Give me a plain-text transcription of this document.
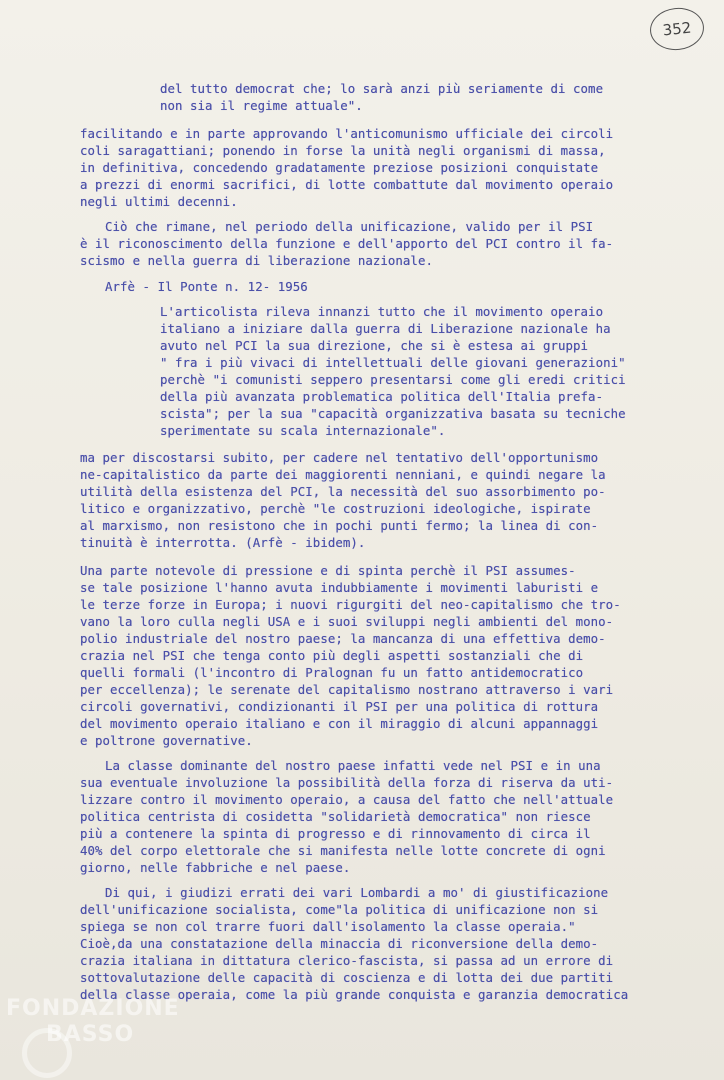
352
del tutto democrat che; lo sarà anzi più seriamente di come
non sia il regime attuale".
facilitando e in parte approvando l'anticomunismo ufficiale dei circoli
coli saragattiani; ponendo in forse la unità negli organismi di massa,
in definitiva, concedendo gradatamente preziose posizioni conquistate
a prezzi di enormi sacrifici, di lotte combattute dal movimento operaio
negli ultimi decenni.
Ciò che rimane, nel periodo della unificazione, valido per il PSI
è il riconoscimento della funzione e dell'apporto del PCI contro il fa-
scismo e nella guerra di liberazione nazionale.
Arfè - Il Ponte n. 12- 1956
L'articolista rileva innanzi tutto che il movimento operaio
italiano a iniziare dalla guerra di Liberazione nazionale ha
avuto nel PCI la sua direzione, che si è estesa ai gruppi
" fra i più vivaci di intellettuali delle giovani generazioni"
perchè "i comunisti seppero presentarsi come gli eredi critici
della più avanzata problematica politica dell'Italia prefa-
scista"; per la sua "capacità organizzativa basata su tecniche
sperimentate su scala internazionale".
ma per discostarsi subito, per cadere nel tentativo dell'opportunismo
ne-capitalistico da parte dei maggiorenti nenniani, e quindi negare la
utilità della esistenza del PCI, la necessità del suo assorbimento po-
litico e organizzativo, perchè "le costruzioni ideologiche, ispirate
al marxismo, non resistono che in pochi punti fermo; la linea di con-
tinuità è interrotta. (Arfè - ibidem).
Una parte notevole di pressione e di spinta perchè il PSI assumes-
se tale posizione l'hanno avuta indubbiamente i movimenti laburisti e
le terze forze in Europa; i nuovi rigurgiti del neo-capitalismo che tro-
vano la loro culla negli USA e i suoi sviluppi negli ambienti del mono-
polio industriale del nostro paese; la mancanza di una effettiva demo-
crazia nel PSI che tenga conto più degli aspetti sostanziali che di
quelli formali (l'incontro di Pralognan fu un fatto antidemocratico
per eccellenza); le serenate del capitalismo nostrano attraverso i vari
circoli governativi, condizionanti il PSI per una politica di rottura
del movimento operaio italiano e con il miraggio di alcuni appannaggi
e poltrone governative.
La classe dominante del nostro paese infatti vede nel PSI e in una
sua eventuale involuzione la possibilità della forza di riserva da uti-
lizzare contro il movimento operaio, a causa del fatto che nell'attuale
politica centrista di cosidetta "solidarietà democratica" non riesce
più a contenere la spinta di progresso e di rinnovamento di circa il
40% del corpo elettorale che si manifesta nelle lotte concrete di ogni
giorno, nelle fabbriche e nel paese.
Di qui, i giudizi errati dei vari Lombardi a mo' di giustificazione
dell'unificazione socialista, come"la politica di unificazione non si
spiega se non col trarre fuori dall'isolamento la classe operaia."
Cioè,da una constatazione della minaccia di riconversione della demo-
crazia italiana in dittatura clerico-fascista, si passa ad un errore di
sottovalutazione delle capacità di coscienza e di lotta dei due partiti
della classe operaia, come la più grande conquista e garanzia democratica
FONDAZIONE
BASSO
